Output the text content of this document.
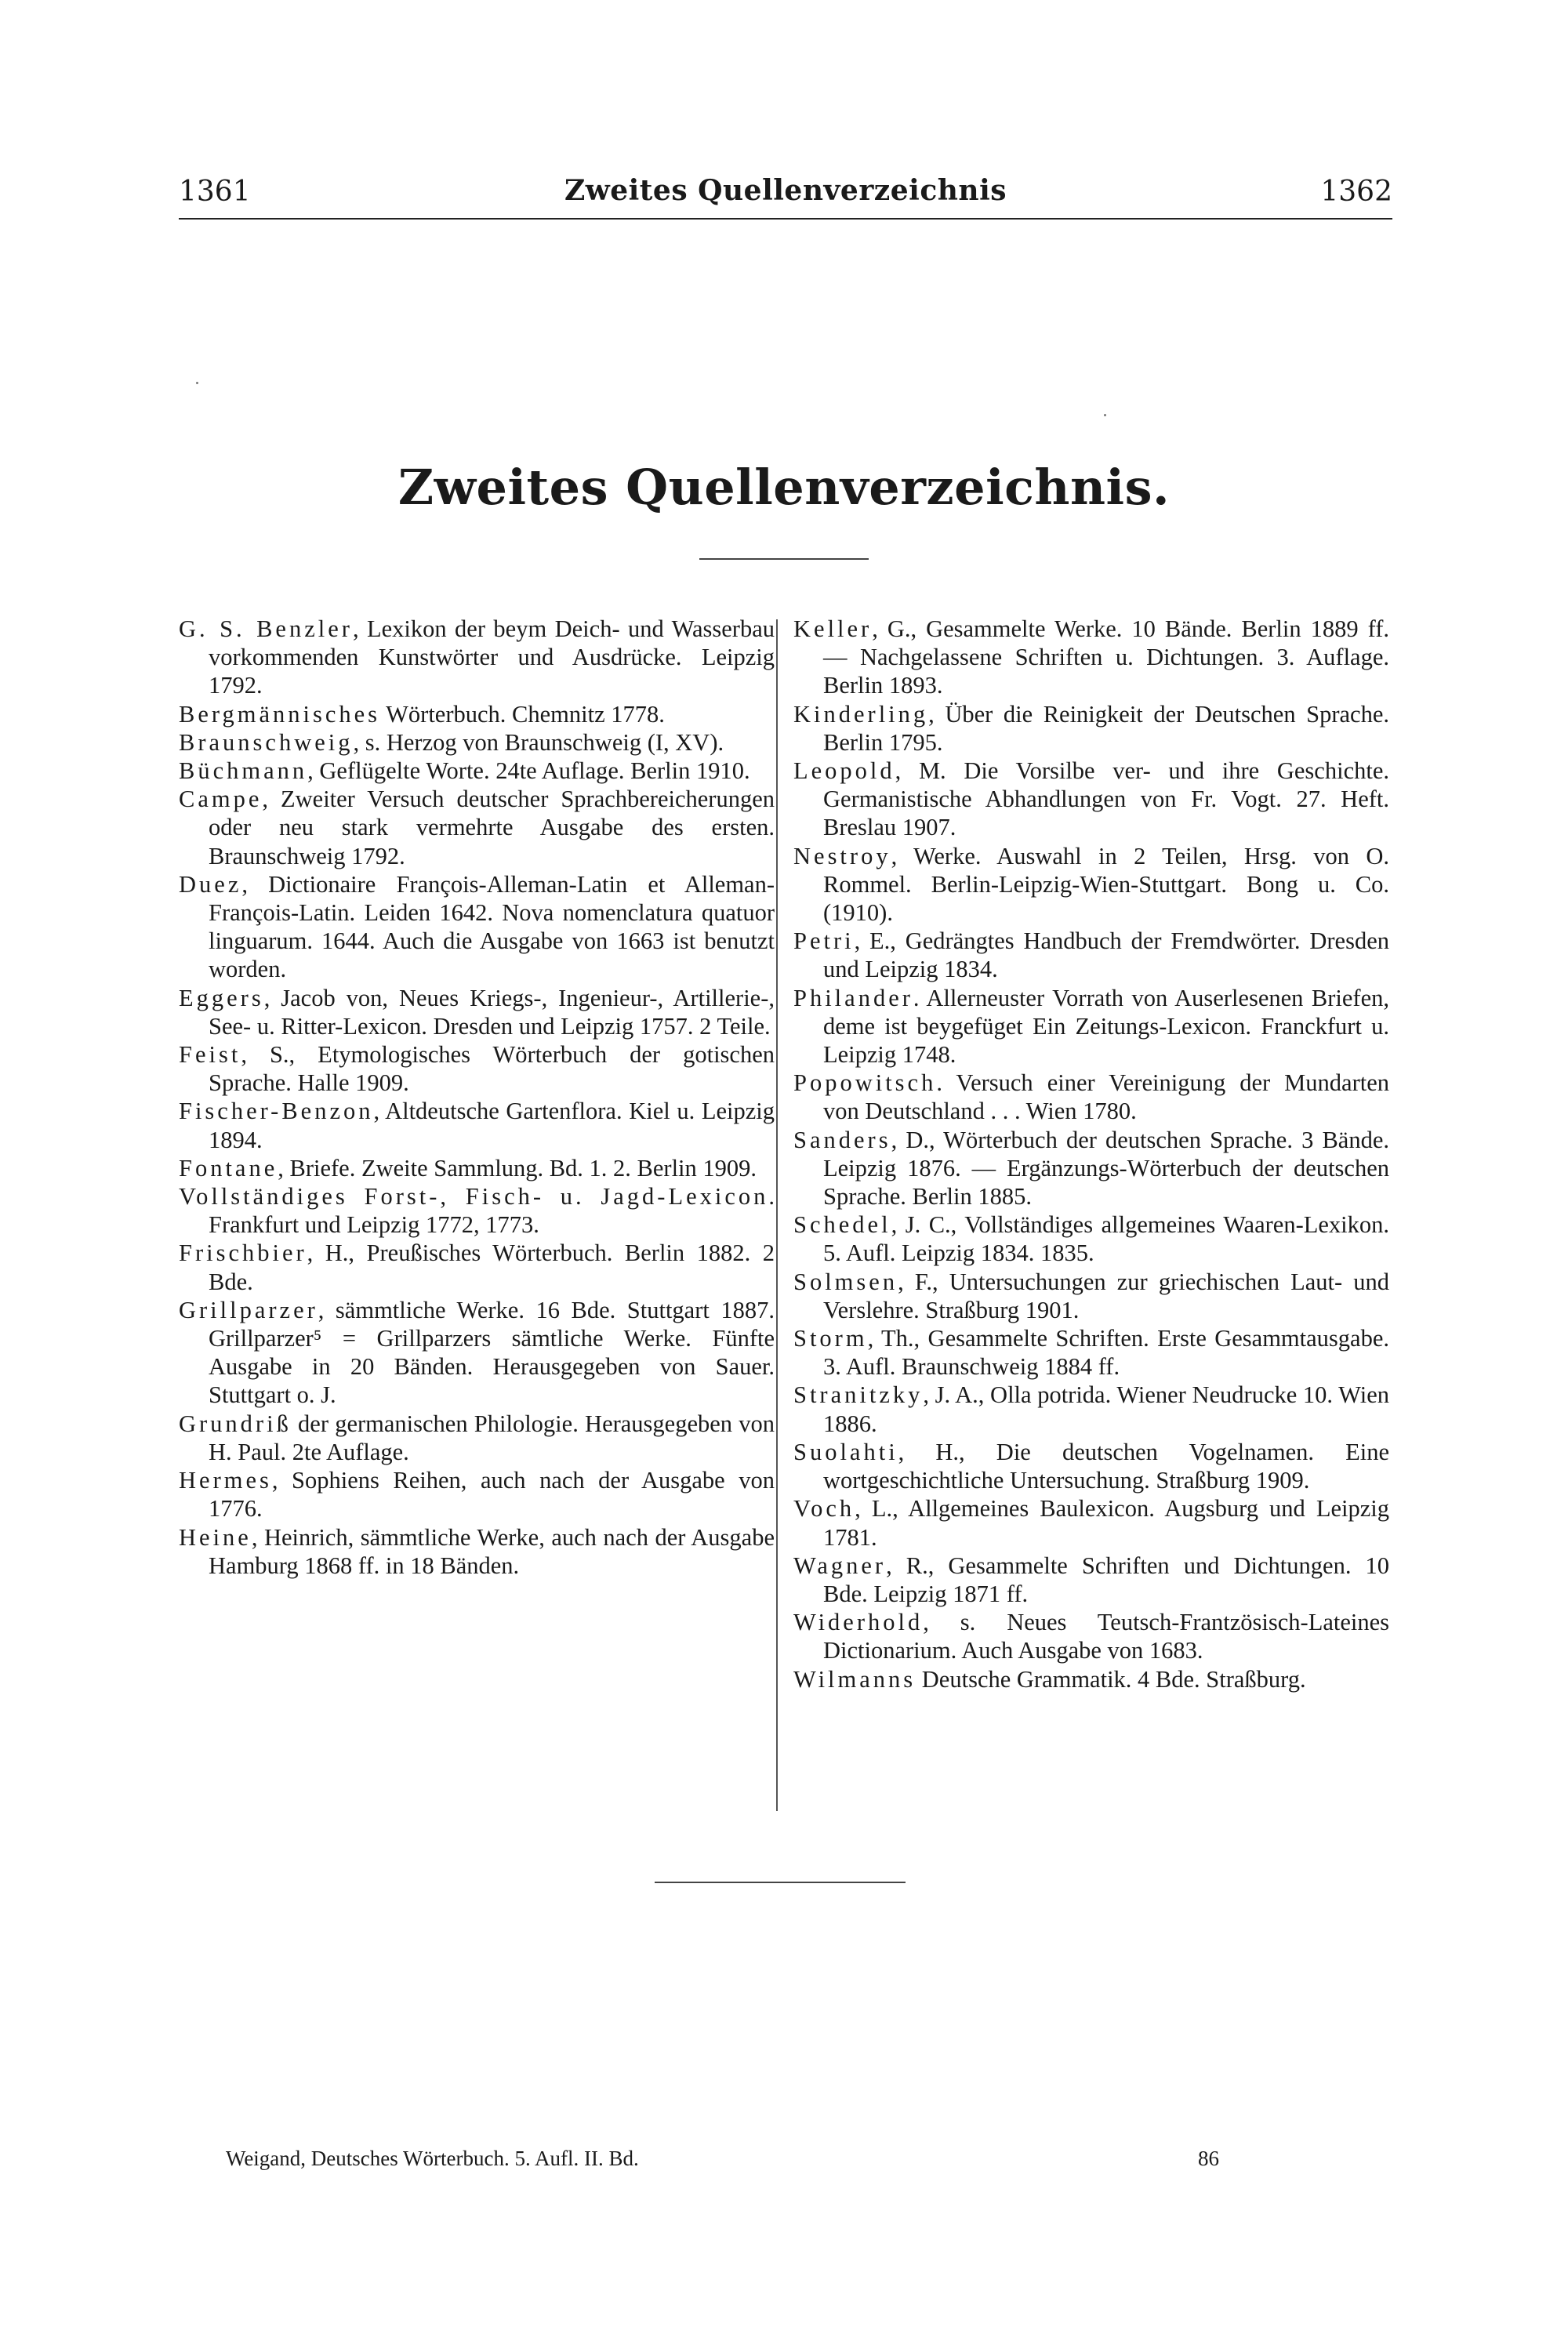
1361	Zweites Quellenverzeichnis	1362
Zweites Quellenverzeichnis.

G. S. Benzler, Lexikon der beym Deich- und Wasserbau vorkommenden Kunstwörter und Ausdrücke. Leipzig 1792.

Bergmännisches Wörterbuch. Chemnitz 1778.

Braunschweig, s. Herzog von Braunschweig (I, XV).

Büchmann, Geflügelte Worte. 24te Auflage. Berlin 1910.

Campe, Zweiter Versuch deutscher Sprachbereicherungen oder neu stark vermehrte Ausgabe des ersten. Braunschweig 1792.

Duez, Dictionaire François-Alleman-Latin et Alleman-François-Latin. Leiden 1642. Nova nomenclatura quatuor linguarum. 1644. Auch die Ausgabe von 1663 ist benutzt worden.

Eggers, Jacob von, Neues Kriegs-, Ingenieur-, Artillerie-, See- u. Ritter-Lexicon. Dresden und Leipzig 1757. 2 Teile.

Feist, S., Etymologisches Wörterbuch der gotischen Sprache. Halle 1909.

Fischer-Benzon, Altdeutsche Gartenflora. Kiel u. Leipzig 1894.

Fontane, Briefe. Zweite Sammlung. Bd. 1. 2. Berlin 1909.

Vollständiges Forst-, Fisch- u. Jagd-Lexicon. Frankfurt und Leipzig 1772, 1773.

Frischbier, H., Preußisches Wörterbuch. Berlin 1882. 2 Bde.

Grillparzer, sämmtliche Werke. 16 Bde. Stuttgart 1887. Grillparzer⁵ = Grillparzers sämtliche Werke. Fünfte Ausgabe in 20 Bänden. Herausgegeben von Sauer. Stuttgart o. J.

Grundriß der germanischen Philologie. Herausgegeben von H. Paul. 2te Auflage.

Hermes, Sophiens Reihen, auch nach der Ausgabe von 1776.

Heine, Heinrich, sämmtliche Werke, auch nach der Ausgabe Hamburg 1868 ff. in 18 Bänden.

Keller, G., Gesammelte Werke. 10 Bände. Berlin 1889 ff. — Nachgelassene Schriften u. Dichtungen. 3. Auflage. Berlin 1893.

Kinderling, Über die Reinigkeit der Deutschen Sprache. Berlin 1795.

Leopold, M. Die Vorsilbe ver- und ihre Geschichte. Germanistische Abhandlungen von Fr. Vogt. 27. Heft. Breslau 1907.

Nestroy, Werke. Auswahl in 2 Teilen, Hrsg. von O. Rommel. Berlin-Leipzig-Wien-Stuttgart. Bong u. Co. (1910).

Petri, E., Gedrängtes Handbuch der Fremdwörter. Dresden und Leipzig 1834.

Philander. Allerneuster Vorrath von Auserlesenen Briefen, deme ist beygefüget Ein Zeitungs-Lexicon. Franckfurt u. Leipzig 1748.

Popowitsch. Versuch einer Vereinigung der Mundarten von Deutschland . . . Wien 1780.

Sanders, D., Wörterbuch der deutschen Sprache. 3 Bände. Leipzig 1876. — Ergänzungs-Wörterbuch der deutschen Sprache. Berlin 1885.

Schedel, J. C., Vollständiges allgemeines Waaren-Lexikon. 5. Aufl. Leipzig 1834. 1835.

Solmsen, F., Untersuchungen zur griechischen Laut- und Verslehre. Straßburg 1901.

Storm, Th., Gesammelte Schriften. Erste Gesammtausgabe. 3. Aufl. Braunschweig 1884 ff.

Stranitzky, J. A., Olla potrida. Wiener Neudrucke 10. Wien 1886.

Suolahti, H., Die deutschen Vogelnamen. Eine wortgeschichtliche Untersuchung. Straßburg 1909.

Voch, L., Allgemeines Baulexicon. Augsburg und Leipzig 1781.

Wagner, R., Gesammelte Schriften und Dichtungen. 10 Bde. Leipzig 1871 ff.

Widerhold, s. Neues Teutsch-Frantzösisch-Lateines Dictionarium. Auch Ausgabe von 1683.

Wilmanns Deutsche Grammatik. 4 Bde. Straßburg.

Weigand, Deutsches Wörterbuch. 5. Aufl. II. Bd.	86
